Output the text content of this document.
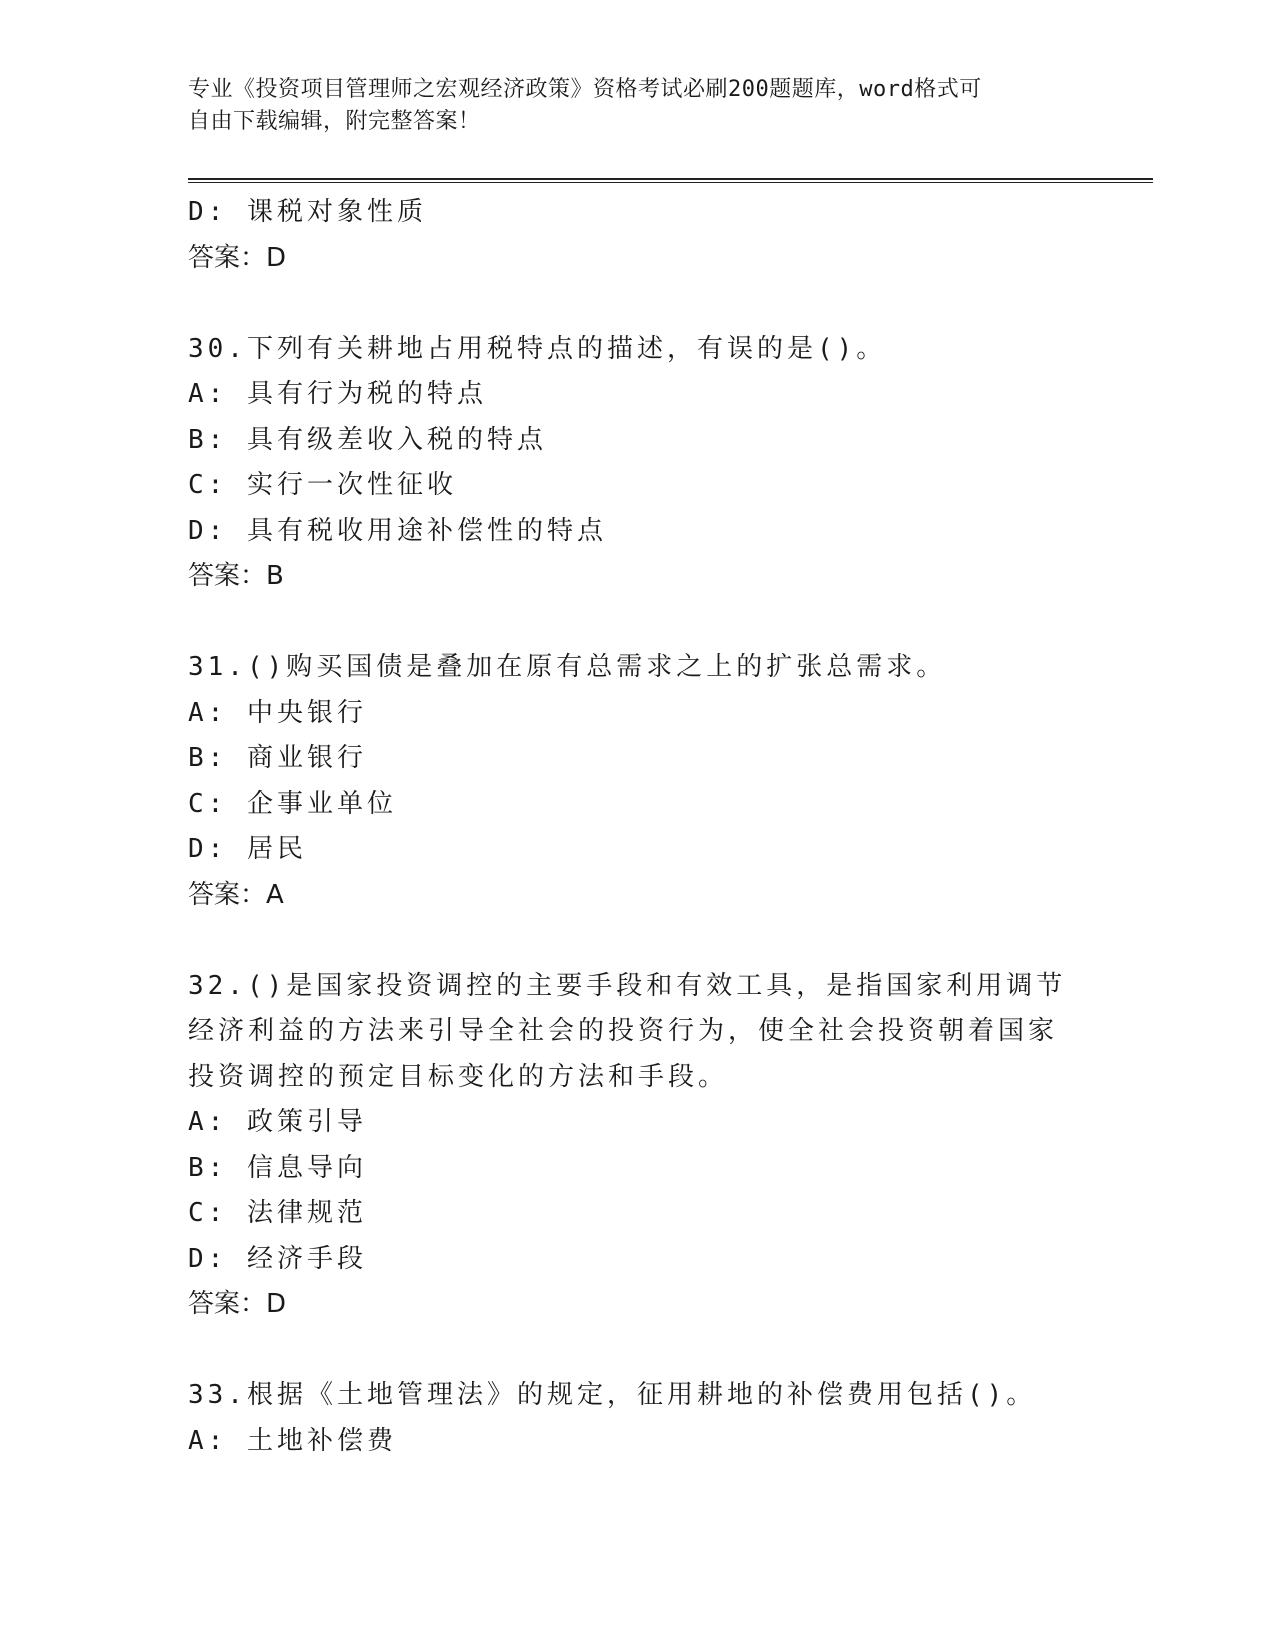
专业《投资项目管理师之宏观经济政策》资格考试必刷200题题库，word格式可
自由下载编辑，附完整答案！
D: 课税对象性质
答案：D
30.下列有关耕地占用税特点的描述，有误的是()。
A: 具有行为税的特点
B: 具有级差收入税的特点
C: 实行一次性征收
D: 具有税收用途补偿性的特点
答案：B
31.()购买国债是叠加在原有总需求之上的扩张总需求。
A: 中央银行
B: 商业银行
C: 企事业单位
D: 居民
答案：A
32.()是国家投资调控的主要手段和有效工具，是指国家利用调节经济利益的方法来引导全社会的投资行为，使全社会投资朝着国家投资调控的预定目标变化的方法和手段。
A: 政策引导
B: 信息导向
C: 法律规范
D: 经济手段
答案：D
33.根据《土地管理法》的规定，征用耕地的补偿费用包括()。
A: 土地补偿费
